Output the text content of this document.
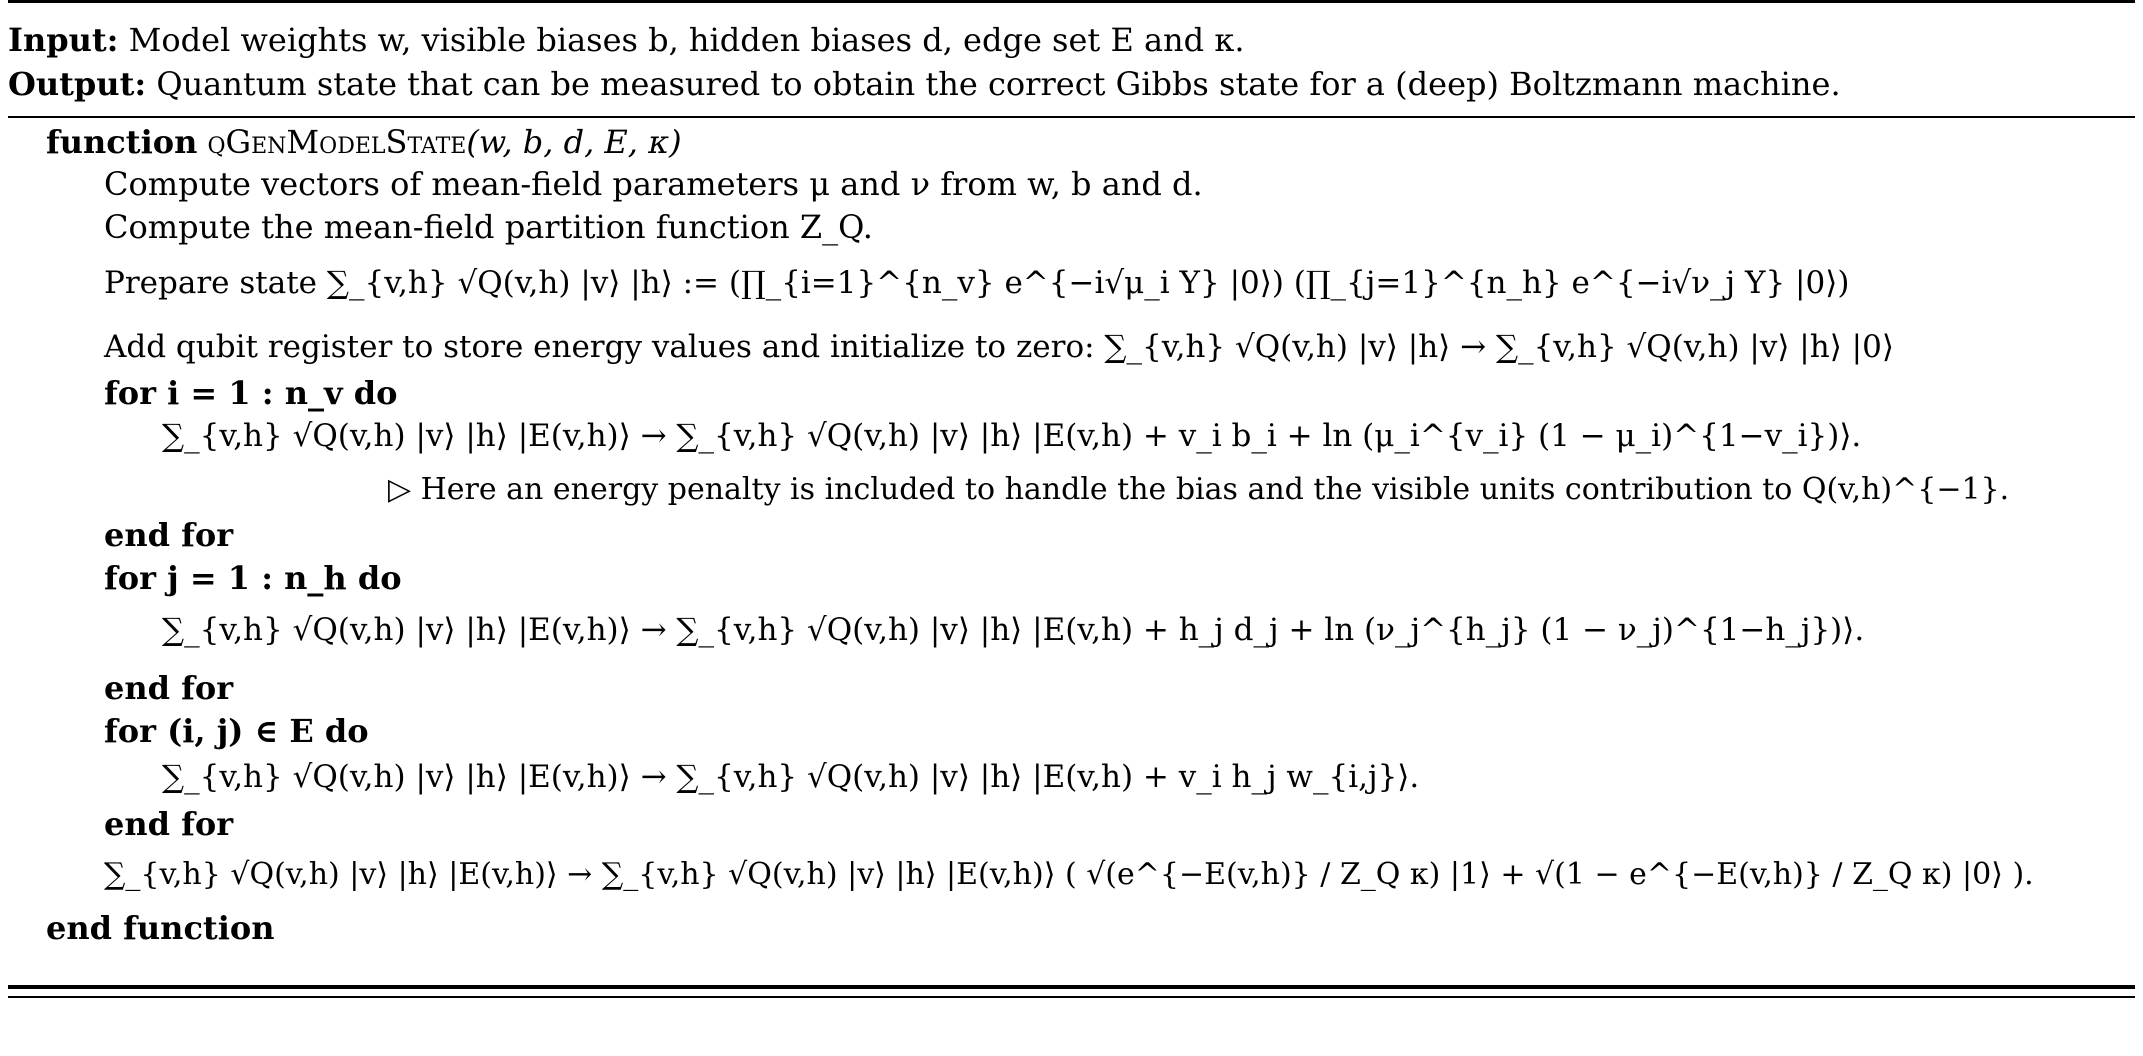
Input: Model weights w, visible biases b, hidden biases d, edge set E and κ.
Output: Quantum state that can be measured to obtain the correct Gibbs state for a (deep) Boltzmann machine.
function qGenModelState(w, b, d, E, κ)
Compute vectors of mean-field parameters μ and ν from w, b and d.
Compute the mean-field partition function Z_Q.
Prepare state ∑_{v,h} √Q(v,h) |v⟩ |h⟩ := (∏_{i=1}^{n_v} e^{−i√μ_i Y} |0⟩) (∏_{j=1}^{n_h} e^{−i√ν_j Y} |0⟩)
Add qubit register to store energy values and initialize to zero: ∑_{v,h} √Q(v,h) |v⟩ |h⟩ → ∑_{v,h} √Q(v,h) |v⟩ |h⟩ |0⟩
for i = 1 : n_v do
∑_{v,h} √Q(v,h) |v⟩ |h⟩ |E(v,h)⟩ → ∑_{v,h} √Q(v,h) |v⟩ |h⟩ |E(v,h) + v_i b_i + ln (μ_i^{v_i} (1 − μ_i)^{1−v_i})⟩.
▷ Here an energy penalty is included to handle the bias and the visible units contribution to Q(v,h)^{−1}.
end for
for j = 1 : n_h do
∑_{v,h} √Q(v,h) |v⟩ |h⟩ |E(v,h)⟩ → ∑_{v,h} √Q(v,h) |v⟩ |h⟩ |E(v,h) + h_j d_j + ln (ν_j^{h_j} (1 − ν_j)^{1−h_j})⟩.
end for
for (i, j) ∈ E do
∑_{v,h} √Q(v,h) |v⟩ |h⟩ |E(v,h)⟩ → ∑_{v,h} √Q(v,h) |v⟩ |h⟩ |E(v,h) + v_i h_j w_{i,j}⟩.
end for
∑_{v,h} √Q(v,h) |v⟩ |h⟩ |E(v,h)⟩ → ∑_{v,h} √Q(v,h) |v⟩ |h⟩ |E(v,h)⟩ ( √(e^{−E(v,h)} / Z_Q κ) |1⟩ + √(1 − e^{−E(v,h)} / Z_Q κ) |0⟩ ).
end function
